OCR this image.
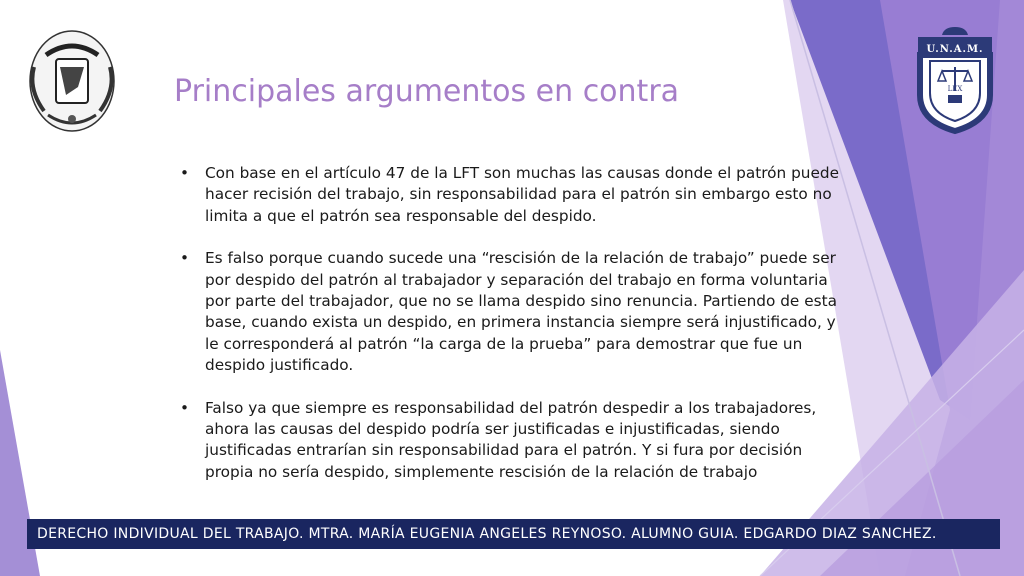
U.N.A.M.
LEX
Principales argumentos en contra
• Con base en el artículo 47 de la LFT son muchas las causas donde el patrón puede hacer recisión del trabajo, sin responsabilidad para el patrón sin embargo esto no limita a que el patrón sea responsable del despido.
• Es falso porque cuando sucede una “rescisión de la relación de trabajo” puede ser por despido del patrón al trabajador y separación del trabajo en forma voluntaria por parte del trabajador, que no se llama despido sino renuncia. Partiendo de esta base, cuando exista un despido, en primera instancia siempre será injustificado, y le corresponderá al patrón “la carga de la prueba” para demostrar que fue un despido justificado.
• Falso ya que siempre es responsabilidad del patrón despedir a los trabajadores, ahora las causas del despido podría ser justificadas e injustificadas, siendo justificadas entrarían sin responsabilidad para el patrón. Y si fura por decisión propia no sería despido, simplemente rescisión de la relación de trabajo
DERECHO INDIVIDUAL DEL TRABAJO. MTRA. MARÍA EUGENIA ANGELES REYNOSO. ALUMNO GUIA. EDGARDO DIAZ SANCHEZ.
